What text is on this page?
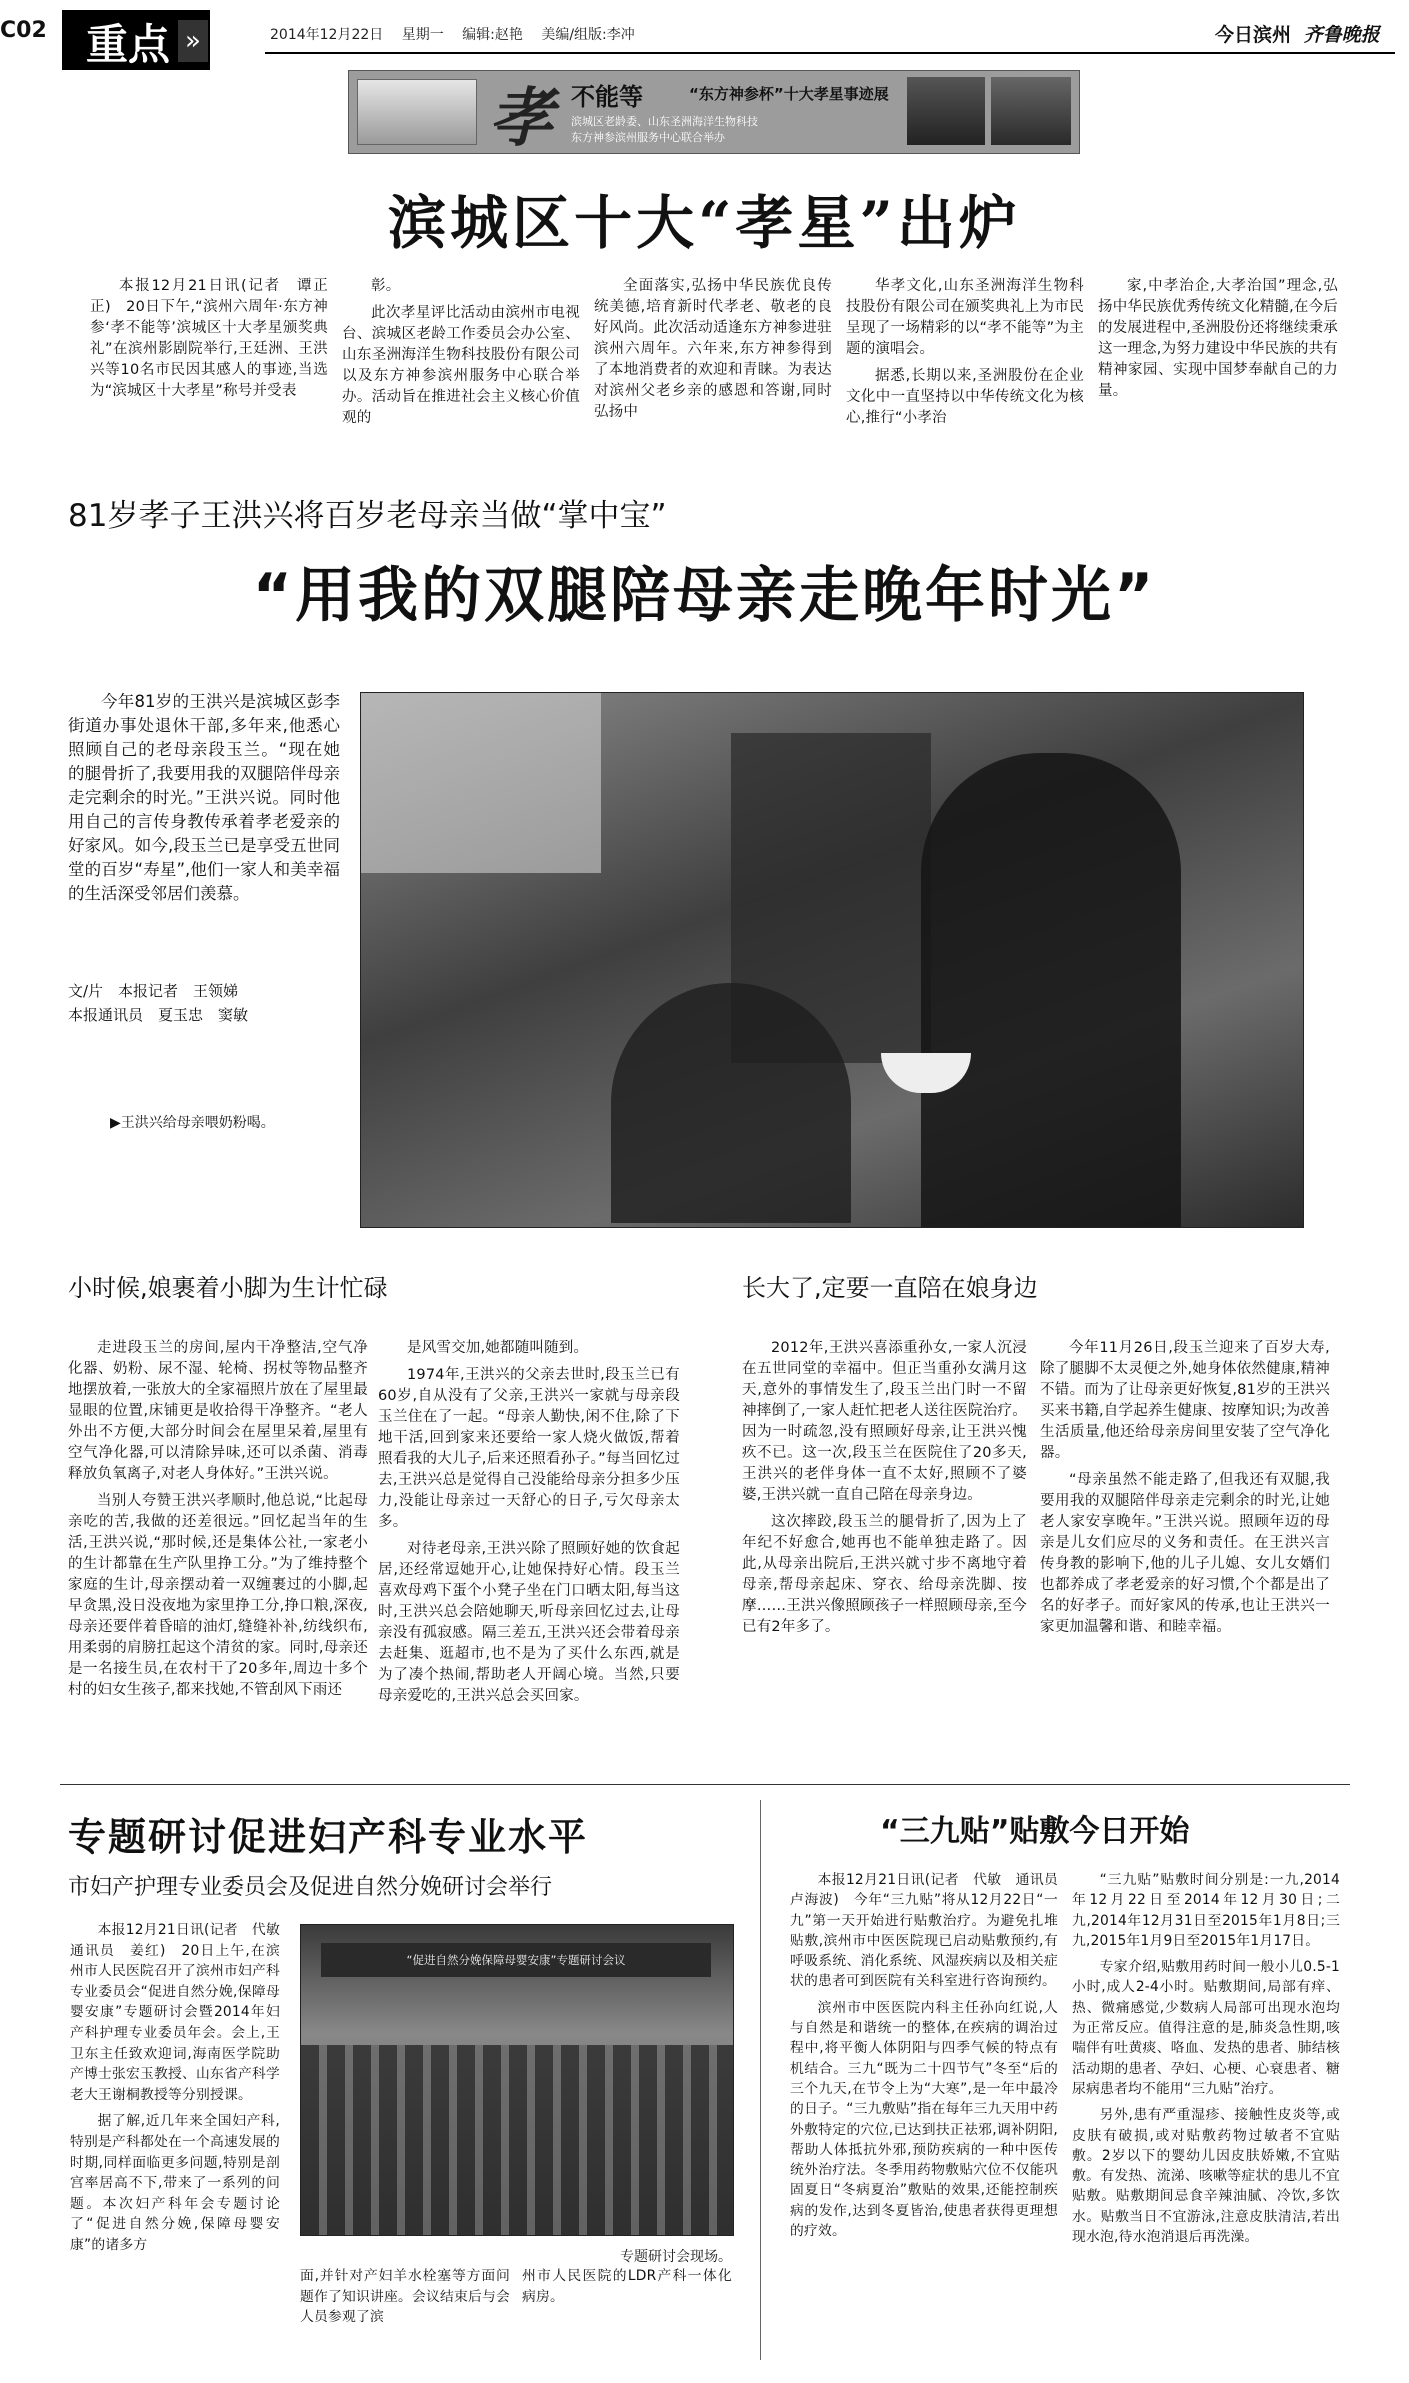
C02 重点 »	2014年12月22日 星期一 编辑:赵艳 美编/组版:李冲	今日滨州 齐鲁晚报
孝 不能等	“东方神参杯”十大孝星事迹展
滨城区老龄委、山东圣洲海洋生物科技
东方神参滨州服务中心联合举办
滨城区十大“孝星”出炉

本报12月21日讯(记者　谭正正)　20日下午,“滨州六周年·东方神参‘孝不能等’滨城区十大孝星颁奖典礼”在滨州影剧院举行,王廷洲、王洪兴等10名市民因其感人的事迹,当选为“滨城区十大孝星”称号并受表

彰。

此次孝星评比活动由滨州市电视台、滨城区老龄工作委员会办公室、山东圣洲海洋生物科技股份有限公司以及东方神参滨州服务中心联合举办。活动旨在推进社会主义核心价值观的

全面落实,弘扬中华民族优良传统美德,培育新时代孝老、敬老的良好风尚。此次活动适逢东方神参进驻滨州六周年。六年来,东方神参得到了本地消费者的欢迎和青睐。为表达对滨州父老乡亲的感恩和答谢,同时弘扬中

华孝文化,山东圣洲海洋生物科技股份有限公司在颁奖典礼上为市民呈现了一场精彩的以“孝不能等”为主题的演唱会。

据悉,长期以来,圣洲股份在企业文化中一直坚持以中华传统文化为核心,推行“小孝治

家,中孝治企,大孝治国”理念,弘扬中华民族优秀传统文化精髓,在今后的发展进程中,圣洲股份还将继续秉承这一理念,为努力建设中华民族的共有精神家园、实现中国梦奉献自己的力量。

81岁孝子王洪兴将百岁老母亲当做“掌中宝”
“用我的双腿陪母亲走晚年时光”

今年81岁的王洪兴是滨城区彭李街道办事处退休干部,多年来,他悉心照顾自己的老母亲段玉兰。“现在她的腿骨折了,我要用我的双腿陪伴母亲走完剩余的时光。”王洪兴说。同时他用自己的言传身教传承着孝老爱亲的好家风。如今,段玉兰已是享受五世同堂的百岁“寿星”,他们一家人和美幸福的生活深受邻居们羡慕。

文/片　本报记者　王领娣
本报通讯员　夏玉忠　窦敏
▶王洪兴给母亲喂奶粉喝。
小时候,娘裹着小脚为生计忙碌	长大了,定要一直陪在娘身边

走进段玉兰的房间,屋内干净整洁,空气净化器、奶粉、尿不湿、轮椅、拐杖等物品整齐地摆放着,一张放大的全家福照片放在了屋里最显眼的位置,床铺更是收拾得干净整齐。“老人外出不方便,大部分时间会在屋里呆着,屋里有空气净化器,可以清除异味,还可以杀菌、消毒释放负氧离子,对老人身体好。”王洪兴说。

当别人夸赞王洪兴孝顺时,他总说,“比起母亲吃的苦,我做的还差很远。”回忆起当年的生活,王洪兴说,“那时候,还是集体公社,一家老小的生计都靠在生产队里挣工分。”为了维持整个家庭的生计,母亲摆动着一双缠裹过的小脚,起早贪黑,没日没夜地为家里挣工分,挣口粮,深夜,母亲还要伴着昏暗的油灯,缝缝补补,纺线织布,用柔弱的肩膀扛起这个清贫的家。同时,母亲还是一名接生员,在农村干了20多年,周边十多个村的妇女生孩子,都来找她,不管刮风下雨还

是风雪交加,她都随叫随到。

1974年,王洪兴的父亲去世时,段玉兰已有60岁,自从没有了父亲,王洪兴一家就与母亲段玉兰住在了一起。“母亲人勤快,闲不住,除了下地干活,回到家来还要给一家人烧火做饭,帮着照看我的大儿子,后来还照看孙子。”每当回忆过去,王洪兴总是觉得自己没能给母亲分担多少压力,没能让母亲过一天舒心的日子,亏欠母亲太多。

对待老母亲,王洪兴除了照顾好她的饮食起居,还经常逗她开心,让她保持好心情。段玉兰喜欢母鸡下蛋个小凳子坐在门口晒太阳,每当这时,王洪兴总会陪她聊天,听母亲回忆过去,让母亲没有孤寂感。隔三差五,王洪兴还会带着母亲去赶集、逛超市,也不是为了买什么东西,就是为了凑个热闹,帮助老人开阔心境。当然,只要母亲爱吃的,王洪兴总会买回家。

2012年,王洪兴喜添重孙女,一家人沉浸在五世同堂的幸福中。但正当重孙女满月这天,意外的事情发生了,段玉兰出门时一不留神摔倒了,一家人赶忙把老人送往医院治疗。因为一时疏忽,没有照顾好母亲,让王洪兴愧疚不已。这一次,段玉兰在医院住了20多天,王洪兴的老伴身体一直不太好,照顾不了婆婆,王洪兴就一直自己陪在母亲身边。

这次摔跤,段玉兰的腿骨折了,因为上了年纪不好愈合,她再也不能单独走路了。因此,从母亲出院后,王洪兴就寸步不离地守着母亲,帮母亲起床、穿衣、给母亲洗脚、按摩……王洪兴像照顾孩子一样照顾母亲,至今已有2年多了。

今年11月26日,段玉兰迎来了百岁大寿,除了腿脚不太灵便之外,她身体依然健康,精神不错。而为了让母亲更好恢复,81岁的王洪兴买来书籍,自学起养生健康、按摩知识;为改善生活质量,他还给母亲房间里安装了空气净化器。

“母亲虽然不能走路了,但我还有双腿,我要用我的双腿陪伴母亲走完剩余的时光,让她老人家安享晚年。”王洪兴说。照顾年迈的母亲是儿女们应尽的义务和责任。在王洪兴言传身教的影响下,他的儿子儿媳、女儿女婿们也都养成了孝老爱亲的好习惯,个个都是出了名的好孝子。而好家风的传承,也让王洪兴一家更加温馨和谐、和睦幸福。

专题研讨促进妇产科专业水平
市妇产护理专业委员会及促进自然分娩研讨会举行

本报12月21日讯(记者　代敏　通讯员　姜红)　20日上午,在滨州市人民医院召开了滨州市妇产科专业委员会“促进自然分娩,保障母婴安康”专题研讨会暨2014年妇产科护理专业委员年会。会上,王卫东主任致欢迎词,海南医学院助产博士张宏玉教授、山东省产科学老大王谢桐教授等分别授课。

据了解,近几年来全国妇产科,特别是产科都处在一个高速发展的时期,同样面临更多问题,特别是剖宫率居高不下,带来了一系列的问题。本次妇产科年会专题讨论了“促进自然分娩,保障母婴安康”的诸多方

“促进自然分娩保障母婴安康”专题研讨会议
专题研讨会现场。

面,并针对产妇羊水栓塞等方面问题作了知识讲座。会议结束后与会人员参观了滨

州市人民医院的LDR产科一体化病房。

“三九贴”贴敷今日开始

本报12月21日讯(记者　代敏　通讯员　卢海波)　今年“三九贴”将从12月22日“一九”第一天开始进行贴敷治疗。为避免扎堆贴敷,滨州市中医医院现已启动贴敷预约,有呼吸系统、消化系统、风湿疾病以及相关症状的患者可到医院有关科室进行咨询预约。

滨州市中医医院内科主任孙向红说,人与自然是和谐统一的整体,在疾病的调治过程中,将平衡人体阴阳与四季气候的特点有机结合。三九“既为二十四节气”冬至“后的三个九天,在节令上为“大寒”,是一年中最冷的日子。“三九敷贴”指在每年三九天用中药外敷特定的穴位,已达到扶正祛邪,调补阴阳,帮助人体抵抗外邪,预防疾病的一种中医传统外治疗法。冬季用药物敷贴穴位不仅能巩固夏日“冬病夏治”敷贴的效果,还能控制疾病的发作,达到冬夏皆治,使患者获得更理想的疗效。

“三九贴”贴敷时间分别是:一九,2014年12月22日至2014年12月30日;二九,2014年12月31日至2015年1月8日;三九,2015年1月9日至2015年1月17日。

专家介绍,贴敷用药时间一般小儿0.5-1小时,成人2-4小时。贴敷期间,局部有痒、热、微痛感觉,少数病人局部可出现水泡均为正常反应。值得注意的是,肺炎急性期,咳喘伴有吐黄痰、咯血、发热的患者、肺结核活动期的患者、孕妇、心梗、心衰患者、糖尿病患者均不能用“三九贴”治疗。

另外,患有严重湿疹、接触性皮炎等,或皮肤有破损,或对贴敷药物过敏者不宜贴敷。2岁以下的婴幼儿因皮肤娇嫩,不宜贴敷。有发热、流涕、咳嗽等症状的患儿不宜贴敷。贴敷期间忌食辛辣油腻、冷饮,多饮水。贴敷当日不宜游泳,注意皮肤清洁,若出现水泡,待水泡消退后再洗澡。
